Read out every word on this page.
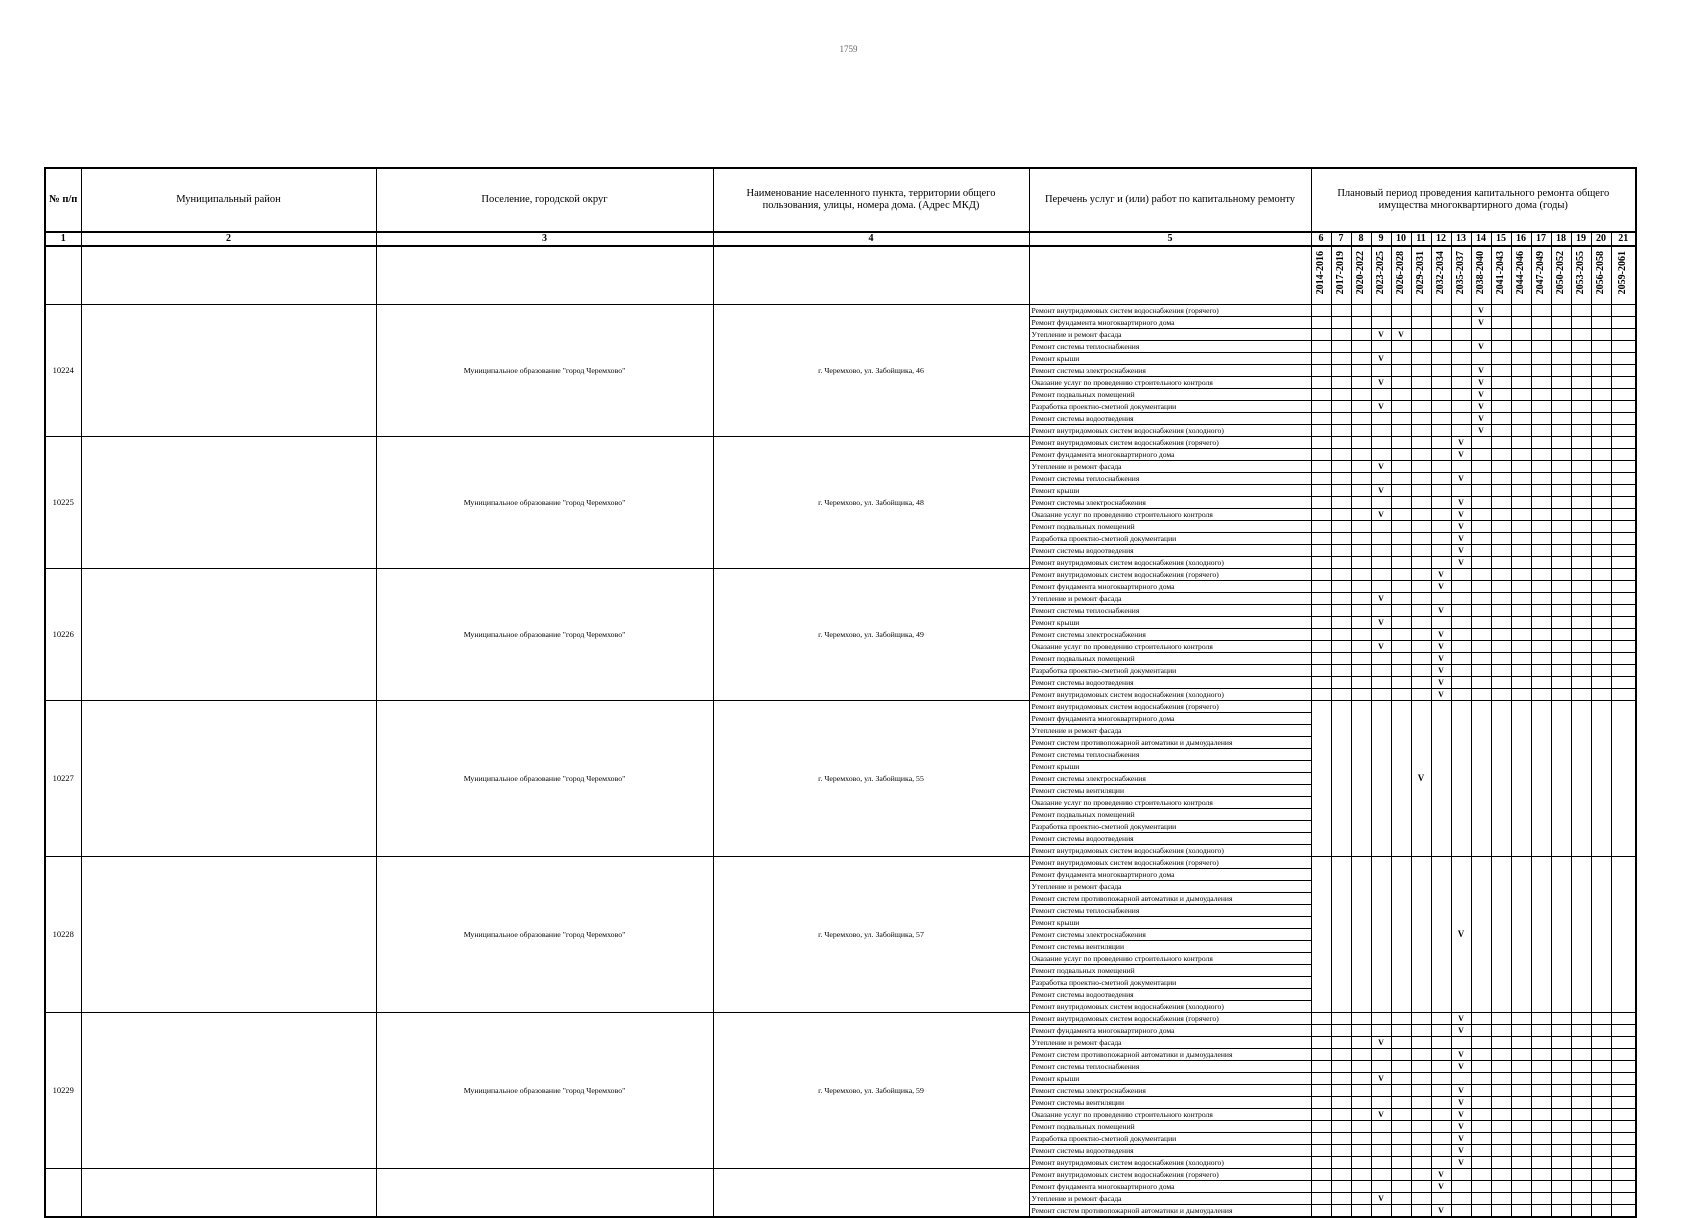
1759
№ п/п	Муниципальный район	Поселение, городской округ	Наименование населенного пункта, территории общего пользования, улицы, номера дома. (Адрес МКД)	Перечень услуг и (или) работ по капитальному ремонту	Плановый период проведения капитального ремонта общего имущества многоквартирного дома (годы)															
1	2	3	4	5	6	7	8	9	10	11	12	13	14	15	16	17	18	19	20	21
					2014-2016	2017-2019	2020-2022	2023-2025	2026-2028	2029-2031	2032-2034	2035-2037	2038-2040	2041-2043	2044-2046	2047-2049	2050-2052	2053-2055	2056-2058	2059-2061
10224		Муниципальное образование "город Черемхово"	г. Черемхово, ул. Забойщика, 46	Ремонт внутридомовых систем водоснабжения (горячего)									V							
				Ремонт фундамента многоквартирного дома									V							
				Утепление и ремонт фасада				V	V											
				Ремонт системы теплоснабжения									V							
				Ремонт крыши				V												
				Ремонт системы электроснабжения									V							
				Оказание услуг по проведению строительного контроля				V					V							
				Ремонт подвальных помещений									V							
				Разработка проектно-сметной документации				V					V							
				Ремонт системы водоотведения									V							
				Ремонт внутридомовых систем водоснабжения (холодного)									V							
10225		Муниципальное образование "город Черемхово"	г. Черемхово, ул. Забойщика, 48	Ремонт внутридомовых систем водоснабжения (горячего)								V								
				Ремонт фундамента многоквартирного дома								V								
				Утепление и ремонт фасада				V												
				Ремонт системы теплоснабжения								V								
				Ремонт крыши				V												
				Ремонт системы электроснабжения								V								
				Оказание услуг по проведению строительного контроля				V				V								
				Ремонт подвальных помещений								V								
				Разработка проектно-сметной документации								V								
				Ремонт системы водоотведения								V								
				Ремонт внутридомовых систем водоснабжения (холодного)								V								
10226		Муниципальное образование "город Черемхово"	г. Черемхово, ул. Забойщика, 49	Ремонт внутридомовых систем водоснабжения (горячего)							V									
				Ремонт фундамента многоквартирного дома							V									
				Утепление и ремонт фасада				V												
				Ремонт системы теплоснабжения							V									
				Ремонт крыши				V												
				Ремонт системы электроснабжения							V									
				Оказание услуг по проведению строительного контроля				V			V									
				Ремонт подвальных помещений							V									
				Разработка проектно-сметной документации							V									
				Ремонт системы водоотведения							V									
				Ремонт внутридомовых систем водоснабжения (холодного)							V									
10227		Муниципальное образование "город Черемхово"	г. Черемхово, ул. Забойщика, 55	Ремонт внутридомовых систем водоснабжения (горячего)						V										
				Ремонт фундамента многоквартирного дома																
				Утепление и ремонт фасада																
				Ремонт систем противопожарной автоматики и дымоудаления																
				Ремонт системы теплоснабжения																
				Ремонт крыши																
				Ремонт системы электроснабжения																
				Ремонт системы вентиляции																
				Оказание услуг по проведению строительного контроля																
				Ремонт подвальных помещений																
				Разработка проектно-сметной документации																
				Ремонт системы водоотведения																
				Ремонт внутридомовых систем водоснабжения (холодного)																
10228		Муниципальное образование "город Черемхово"	г. Черемхово, ул. Забойщика, 57	Ремонт внутридомовых систем водоснабжения (горячего)								V								
				Ремонт фундамента многоквартирного дома																
				Утепление и ремонт фасада																
				Ремонт систем противопожарной автоматики и дымоудаления																
				Ремонт системы теплоснабжения																
				Ремонт крыши																
				Ремонт системы электроснабжения																
				Ремонт системы вентиляции																
				Оказание услуг по проведению строительного контроля																
				Ремонт подвальных помещений																
				Разработка проектно-сметной документации																
				Ремонт системы водоотведения																
				Ремонт внутридомовых систем водоснабжения (холодного)																
10229		Муниципальное образование "город Черемхово"	г. Черемхово, ул. Забойщика, 59	Ремонт внутридомовых систем водоснабжения (горячего)								V								
				Ремонт фундамента многоквартирного дома								V								
				Утепление и ремонт фасада				V												
				Ремонт систем противопожарной автоматики и дымоудаления								V								
				Ремонт системы теплоснабжения								V								
				Ремонт крыши				V												
				Ремонт системы электроснабжения								V								
				Ремонт системы вентиляции								V								
				Оказание услуг по проведению строительного контроля				V				V								
				Ремонт подвальных помещений								V								
				Разработка проектно-сметной документации								V								
				Ремонт системы водоотведения								V								
				Ремонт внутридомовых систем водоснабжения (холодного)								V								
				Ремонт внутридомовых систем водоснабжения (горячего)							V									
				Ремонт фундамента многоквартирного дома							V									
				Утепление и ремонт фасада				V												
				Ремонт систем противопожарной автоматики и дымоудаления							V									
